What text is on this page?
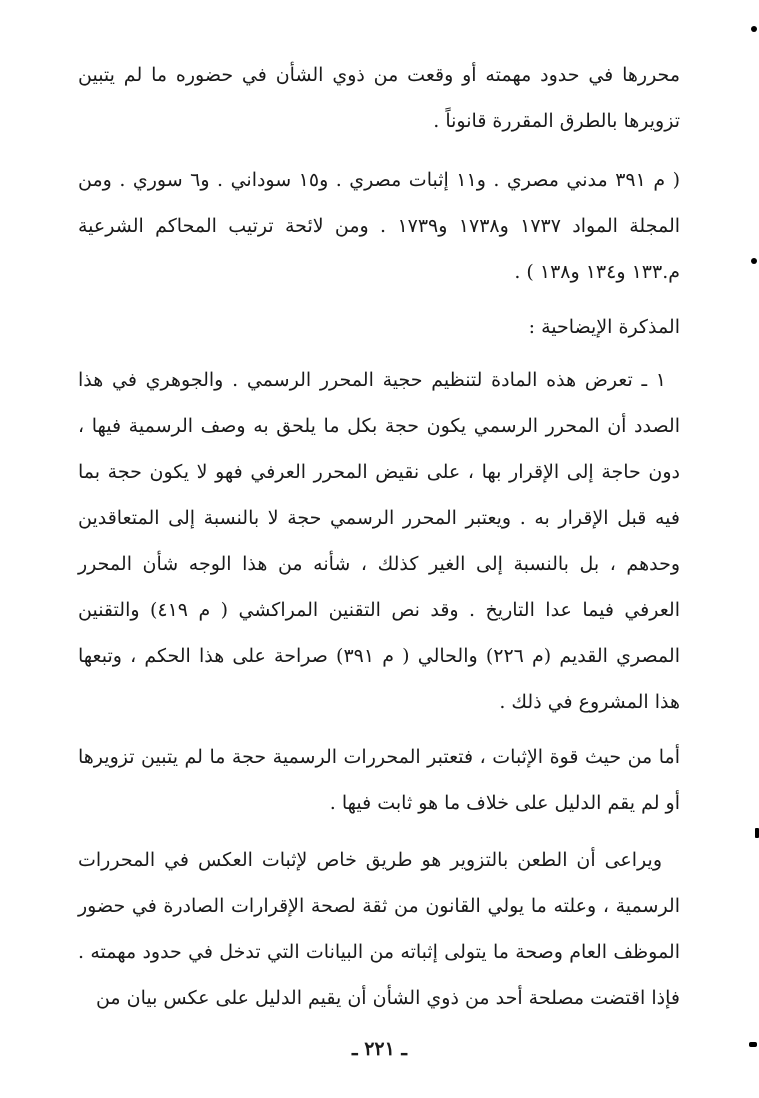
محررها في حدود مهمته أو وقعت من ذوي الشأن في حضوره ما لم يتبين تزويرها بالطرق المقررة قانوناً .

( م ٣٩١ مدني مصري . و١١ إثبات مصري . و١٥ سوداني . و٦ سوري . ومن المجلة المواد ١٧٣٧ و١٧٣٨ و١٧٣٩ . ومن لائحة ترتيب المحاكم الشرعية م.١٣٣ و١٣٤ و١٣٨ ) .

المذكرة الإيضاحية :

١ ـ تعرض هذه المادة لتنظيم حجية المحرر الرسمي . والجوهري في هذا الصدد أن المحرر الرسمي يكون حجة بكل ما يلحق به وصف الرسمية فيها ، دون حاجة إلى الإقرار بها ، على نقيض المحرر العرفي فهو لا يكون حجة بما فيه قبل الإقرار به . ويعتبر المحرر الرسمي حجة لا بالنسبة إلى المتعاقدين وحدهم ، بل بالنسبة إلى الغير كذلك ، شأنه من هذا الوجه شأن المحرر العرفي فيما عدا التاريخ . وقد نص التقنين المراكشي ( م ٤١٩) والتقنين المصري القديم (م ٢٢٦) والحالي ( م ٣٩١) صراحة على هذا الحكم ، وتبعها هذا المشروع في ذلك .

أما من حيث قوة الإثبات ، فتعتبر المحررات الرسمية حجة ما لم يتبين تزويرها أو لم يقم الدليل على خلاف ما هو ثابت فيها .

ويراعى أن الطعن بالتزوير هو طريق خاص لإثبات العكس في المحررات الرسمية ، وعلته ما يولي القانون من ثقة لصحة الإقرارات الصادرة في حضور الموظف العام وصحة ما يتولى إثباته من البيانات التي تدخل في حدود مهمته . فإذا اقتضت مصلحة أحد من ذوي الشأن أن يقيم الدليل على عكس بيان من

ـ ٢٢١ ـ
